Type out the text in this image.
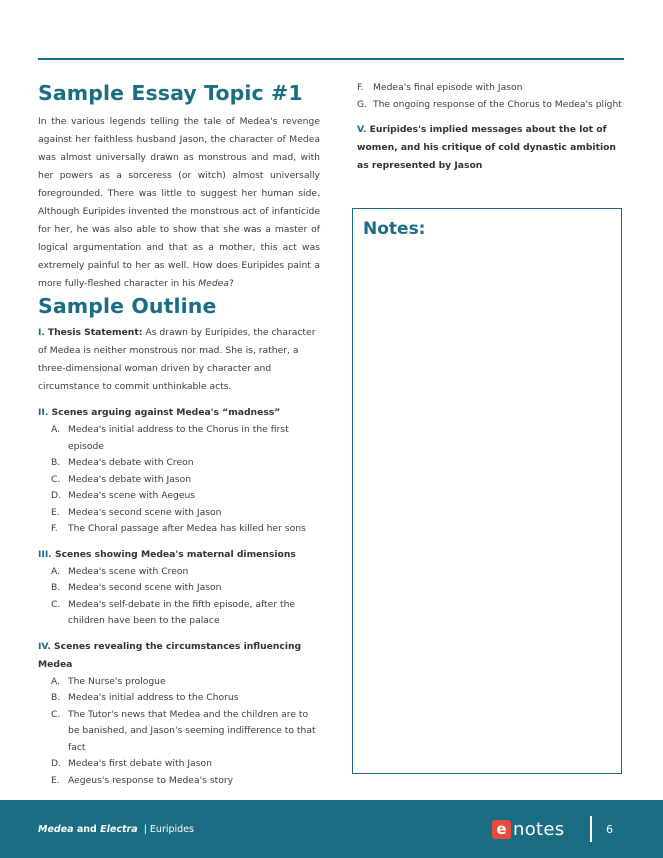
Sample Essay Topic #1

In the various legends telling the tale of Medea's revenge against her faithless husband Jason, the character of Medea was almost universally drawn as monstrous and mad, with her powers as a sorceress (or witch) almost universally foregrounded. There was little to suggest her human side. Although Euripides invented the monstrous act of infanticide for her, he was also able to show that she was a master of logical argumentation and that as a mother, this act was extremely painful to her as well. How does Euripides paint a more fully-fleshed character in his Medea?

Sample Outline
I. Thesis Statement: As drawn by Euripides, the character of Medea is neither monstrous nor mad. She is, rather, a three-dimensional woman driven by character and circumstance to commit unthinkable acts.
II. Scenes arguing against Medea's “madness”
A. Medea's initial address to the Chorus in the first episode
B. Medea's debate with Creon
C. Medea's debate with Jason
D. Medea's scene with Aegeus
E. Medea's second scene with Jason
F.	The Choral passage after Medea has killed her sons
III. Scenes showing Medea's maternal dimensions
A. Medea's scene with Creon
B. Medea's second scene with Jason
C. Medea's self-debate in the fifth episode, after the children have been to the palace
IV. Scenes revealing the circumstances influencing Medea
A. The Nurse's prologue
B. Medea's initial address to the Chorus
C. The Tutor's news that Medea and the children are to be banished, and Jason's seeming indifference to that fact
D. Medea's first debate with Jason
E. Aegeus's response to Medea's story
F.	Medea's final episode with Jason
G. The ongoing response of the Chorus to Medea's plight
V. Euripides's implied messages about the lot of women, and his critique of cold dynastic ambition as represented by Jason
Notes:
Medea and Electra | Euripides	e notes	6
